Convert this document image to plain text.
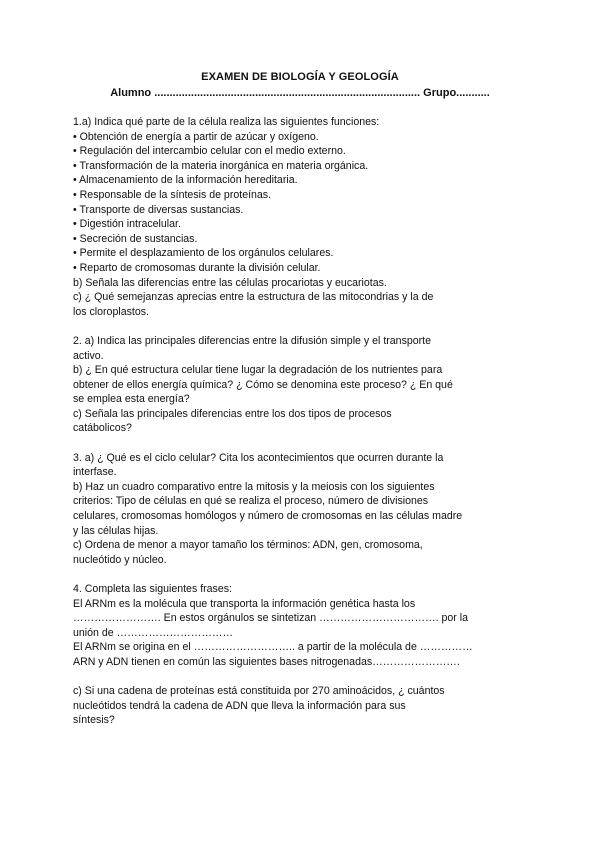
EXAMEN DE BIOLOGÍA Y GEOLOGÍA
Alumno ....................................................................................... Grupo...........
1.a) Indica qué parte de la célula realiza las siguientes funciones:
• Obtención de energía a partir de azúcar y oxígeno.
• Regulación del intercambio celular con el medio externo.
• Transformación de la materia inorgánica en materia orgánica.
• Almacenamiento de la información hereditaria.
• Responsable de la síntesis de proteínas.
• Transporte de diversas sustancias.
• Digestión intracelular.
• Secreción de sustancias.
• Permite el desplazamiento de los orgánulos celulares.
• Reparto de cromosomas durante la división celular.
b) Señala las diferencias entre las células procariotas y eucariotas.
c) ¿ Qué semejanzas aprecias entre la estructura de las mitocondrias y la de
los cloroplastos.
2. a) Indica las principales diferencias entre la difusión simple y el transporte
activo.
b) ¿ En qué estructura celular tiene lugar la degradación de los nutrientes para
obtener de ellos energía química? ¿ Cómo se denomina este proceso? ¿ En qué
se emplea esta energía?
c) Señala las principales diferencias entre los dos tipos de procesos
catábolicos?
3. a) ¿ Qué es el ciclo celular? Cita los acontecimientos que ocurren durante la
interfase.
b) Haz un cuadro comparativo entre la mitosis y la meiosis con los siguientes
criterios: Tipo de células en qué se realiza el proceso, número de divisiones
celulares, cromosomas homólogos y número de cromosomas en las células madre
y las células hijas.
c) Ordena de menor a mayor tamaño los términos: ADN, gen, cromosoma,
nucleótido y núcleo.
4. Completa las siguientes frases:
El ARNm es la molécula que transporta la información genética hasta los
……………………. En estos orgánulos se sintetizan ……………………………. por la
unión de ……………………………
El ARNm se origina en el ……………………….. a partir de la molécula de ……………
ARN y ADN tienen en común las siguientes bases nitrogenadas…………………….
c) Si una cadena de proteínas está constituida por 270 aminoácidos, ¿ cuántos
nucleótidos tendrá la cadena de ADN que lleva la información para sus
síntesis?
